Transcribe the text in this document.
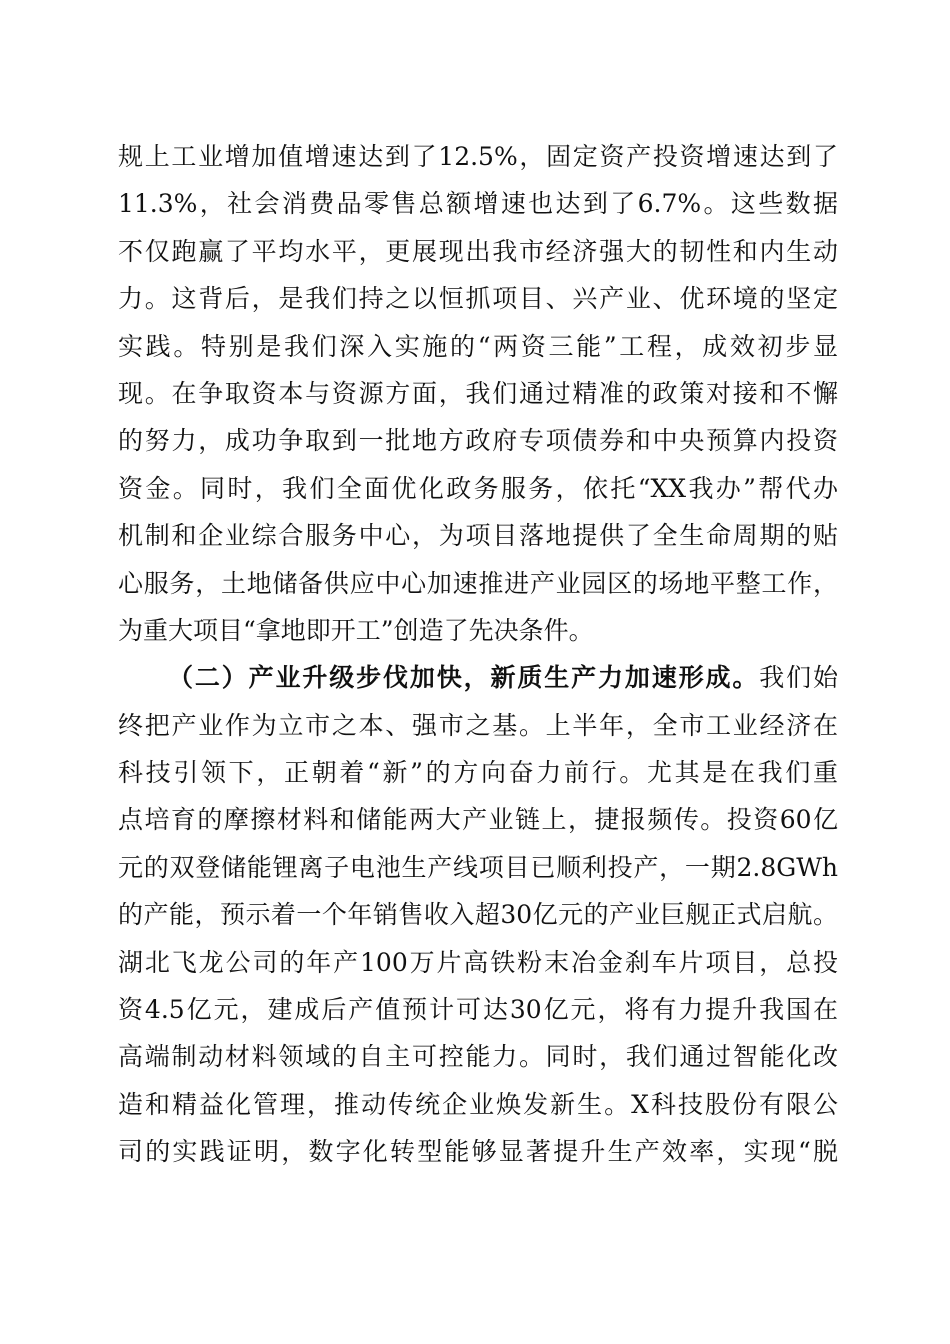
规上工业增加值增速达到了12.5%，固定资产投资增速达到了
11.3%，社会消费品零售总额增速也达到了6.7%。这些数据
不仅跑赢了平均水平，更展现出我市经济强大的韧性和内生动
力。这背后，是我们持之以恒抓项目、兴产业、优环境的坚定
实践。特别是我们深入实施的“两资三能”工程，成效初步显
现。在争取资本与资源方面，我们通过精准的政策对接和不懈
的努力，成功争取到一批地方政府专项债券和中央预算内投资
资金。同时，我们全面优化政务服务，依托“XX我办”帮代办
机制和企业综合服务中心，为项目落地提供了全生命周期的贴
心服务，土地储备供应中心加速推进产业园区的场地平整工作，
为重大项目“拿地即开工”创造了先决条件。
（二）产业升级步伐加快，新质生产力加速形成。我们始
终把产业作为立市之本、强市之基。上半年，全市工业经济在
科技引领下，正朝着“新”的方向奋力前行。尤其是在我们重
点培育的摩擦材料和储能两大产业链上，捷报频传。投资60亿
元的双登储能锂离子电池生产线项目已顺利投产，一期2.8GWh
的产能，预示着一个年销售收入超30亿元的产业巨舰正式启航。
湖北飞龙公司的年产100万片高铁粉末冶金刹车片项目，总投
资4.5亿元，建成后产值预计可达30亿元，将有力提升我国在
高端制动材料领域的自主可控能力。同时，我们通过智能化改
造和精益化管理，推动传统企业焕发新生。X科技股份有限公
司的实践证明，数字化转型能够显著提升生产效率，实现“脱
